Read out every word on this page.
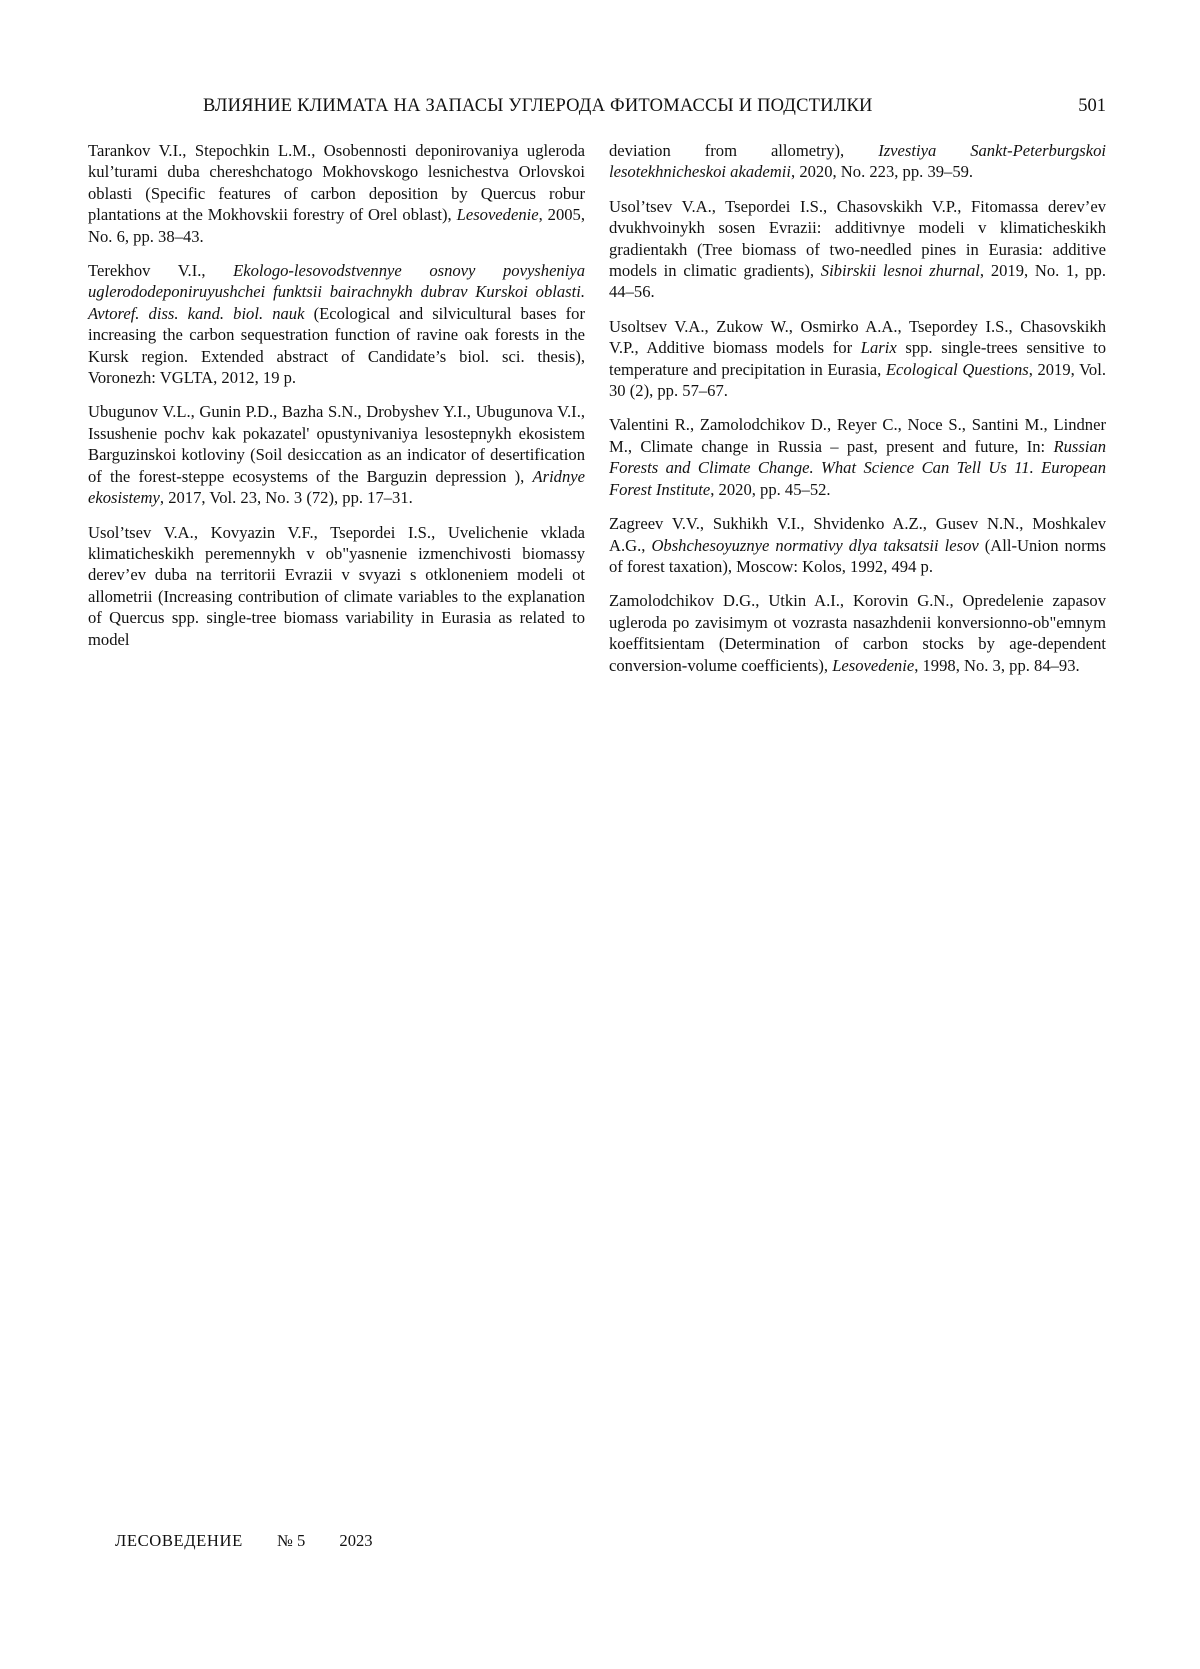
ВЛИЯНИЕ КЛИМАТА НА ЗАПАСЫ УГЛЕРОДА ФИТОМАССЫ И ПОДСТИЛКИ	501

Tarankov V.I., Stepochkin L.M., Osobennosti deponirovaniya ugleroda kul’turami duba chereshchatogo Mokhovskogo lesnichestva Orlovskoi oblasti (Specific features of carbon deposition by Quercus robur plantations at the Mokhovskii forestry of Orel oblast), Lesovedenie, 2005, No. 6, pp. 38–43.

Terekhov V.I., Ekologo-lesovodstvennye osnovy povysheniya uglerododeponiruyushchei funktsii bairachnykh dubrav Kurskoi oblasti. Avtoref. diss. kand. biol. nauk (Ecological and silvicultural bases for increasing the carbon sequestration function of ravine oak forests in the Kursk region. Extended abstract of Candidate’s biol. sci. thesis), Voronezh: VGLTA, 2012, 19 p.

Ubugunov V.L., Gunin P.D., Bazha S.N., Drobyshev Y.I., Ubugunova V.I., Issushenie pochv kak pokazatel' opustynivaniya lesostepnykh ekosistem Barguzinskoi kotloviny (Soil desiccation as an indicator of desertification of the forest-steppe ecosystems of the Barguzin depression ), Aridnye ekosistemy, 2017, Vol. 23, No. 3 (72), pp. 17–31.

Usol’tsev V.A., Kovyazin V.F., Tsepordei I.S., Uvelichenie vklada klimaticheskikh peremennykh v ob"yasnenie izmenchivosti biomassy derev’ev duba na territorii Evrazii v svyazi s otkloneniem modeli ot allometrii (Increasing contribution of climate variables to the explanation of Quercus spp. single-tree biomass variability in Eurasia as related to model

deviation from allometry), Izvestiya Sankt-Peterburgskoi lesotekhnicheskoi akademii, 2020, No. 223, pp. 39–59.

Usol’tsev V.A., Tsepordei I.S., Chasovskikh V.P., Fitomassa derev’ev dvukhvoinykh sosen Evrazii: additivnye modeli v klimaticheskikh gradientakh (Tree biomass of two-needled pines in Eurasia: additive models in climatic gradients), Sibirskii lesnoi zhurnal, 2019, No. 1, pp. 44–56.

Usoltsev V.A., Zukow W., Osmirko A.A., Tsepordey I.S., Chasovskikh V.P., Additive biomass models for Larix spp. single-trees sensitive to temperature and precipitation in Eurasia, Ecological Questions, 2019, Vol. 30 (2), pp. 57–67.

Valentini R., Zamolodchikov D., Reyer C., Noce S., Santini M., Lindner M., Climate change in Russia – past, present and future, In: Russian Forests and Climate Change. What Science Can Tell Us 11. European Forest Institute, 2020, pp. 45–52.

Zagreev V.V., Sukhikh V.I., Shvidenko A.Z., Gusev N.N., Moshkalev A.G., Obshchesoyuznye normativy dlya taksatsii lesov (All-Union norms of forest taxation), Moscow: Kolos, 1992, 494 p.

Zamolodchikov D.G., Utkin A.I., Korovin G.N., Opredelenie zapasov ugleroda po zavisimym ot vozrasta nasazhdenii konversionno-ob"emnym koeffitsientam (Determination of carbon stocks by age-dependent conversion-volume coefficients), Lesovedenie, 1998, No. 3, pp. 84–93.

ЛЕСОВЕДЕНИЕ № 5 2023
